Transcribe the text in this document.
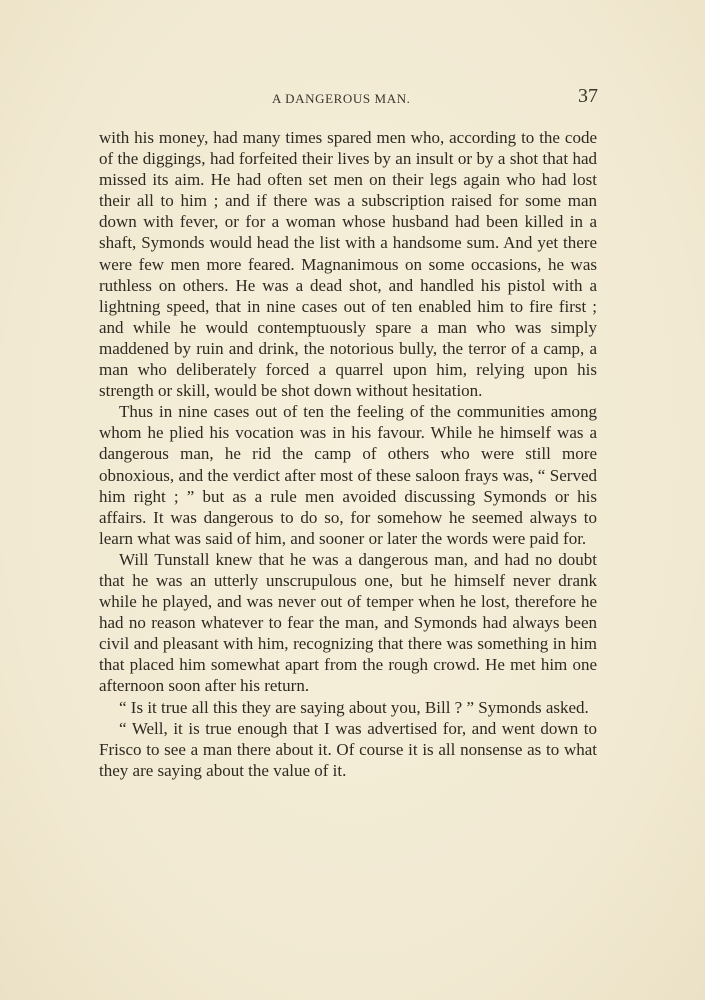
A DANGEROUS MAN.	37

with his money, had many times spared men who, according to the code of the diggings, had forfeited their lives by an insult or by a shot that had missed its aim. He had often set men on their legs again who had lost their all to him ; and if there was a subscription raised for some man down with fever, or for a woman whose husband had been killed in a shaft, Symonds would head the list with a handsome sum. And yet there were few men more feared. Magnanimous on some occasions, he was ruthless on others. He was a dead shot, and handled his pistol with a lightning speed, that in nine cases out of ten enabled him to fire first ; and while he would contemptuously spare a man who was simply maddened by ruin and drink, the notorious bully, the terror of a camp, a man who deliberately forced a quarrel upon him, relying upon his strength or skill, would be shot down without hesitation.

Thus in nine cases out of ten the feeling of the communities among whom he plied his vocation was in his favour. While he himself was a dangerous man, he rid the camp of others who were still more obnoxious, and the verdict after most of these saloon frays was, “ Served him right ; ” but as a rule men avoided discussing Symonds or his affairs. It was dangerous to do so, for somehow he seemed always to learn what was said of him, and sooner or later the words were paid for.

Will Tunstall knew that he was a dangerous man, and had no doubt that he was an utterly unscrupulous one, but he himself never drank while he played, and was never out of temper when he lost, therefore he had no reason whatever to fear the man, and Symonds had always been civil and pleasant with him, recognizing that there was something in him that placed him somewhat apart from the rough crowd. He met him one afternoon soon after his return.

“ Is it true all this they are saying about you, Bill ? ” Symonds asked.

“ Well, it is true enough that I was advertised for, and went down to Frisco to see a man there about it. Of course it is all nonsense as to what they are saying about the value of it.
